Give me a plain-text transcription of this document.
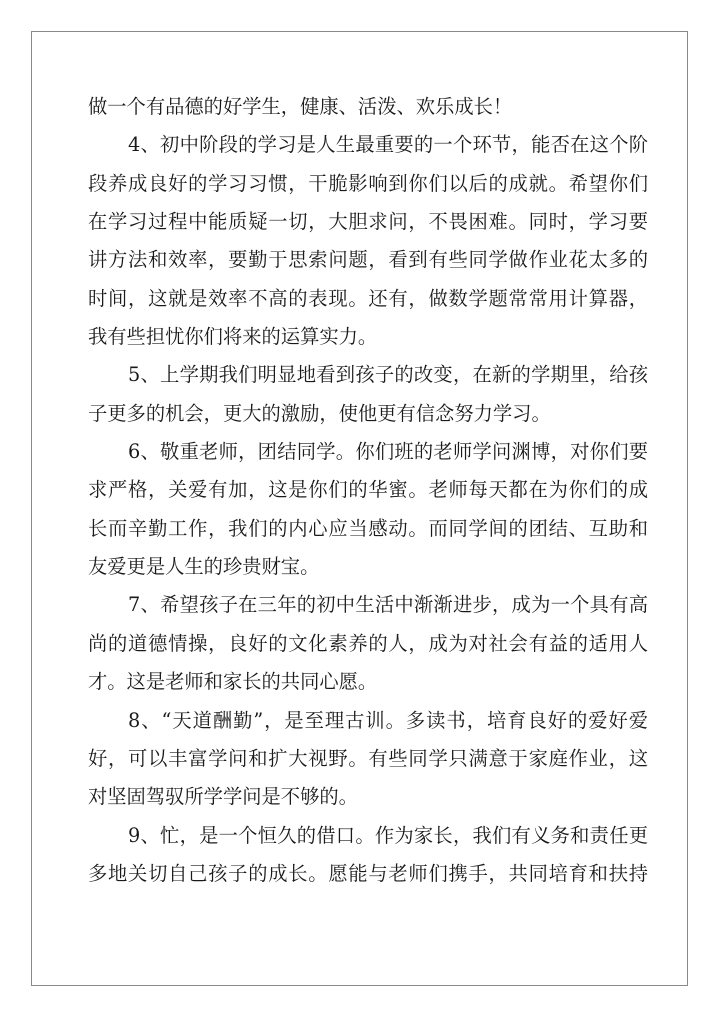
做一个有品德的好学生，健康、活泼、欢乐成长！
4、初中阶段的学习是人生最重要的一个环节，能否在这个阶
段养成良好的学习习惯，干脆影响到你们以后的成就。希望你们
在学习过程中能质疑一切，大胆求问，不畏困难。同时，学习要
讲方法和效率，要勤于思索问题，看到有些同学做作业花太多的
时间，这就是效率不高的表现。还有，做数学题常常用计算器，
我有些担忧你们将来的运算实力。
5、上学期我们明显地看到孩子的改变，在新的学期里，给孩
子更多的机会，更大的激励，使他更有信念努力学习。
6、敬重老师，团结同学。你们班的老师学问渊博，对你们要
求严格，关爱有加，这是你们的华蜜。老师每天都在为你们的成
长而辛勤工作，我们的内心应当感动。而同学间的团结、互助和
友爱更是人生的珍贵财宝。
7、希望孩子在三年的初中生活中渐渐进步，成为一个具有高
尚的道德情操，良好的文化素养的人，成为对社会有益的适用人
才。这是老师和家长的共同心愿。
8、“天道酬勤”，是至理古训。多读书，培育良好的爱好爱
好，可以丰富学问和扩大视野。有些同学只满意于家庭作业，这
对坚固驾驭所学学问是不够的。
9、忙，是一个恒久的借口。作为家长，我们有义务和责任更
多地关切自己孩子的成长。愿能与老师们携手，共同培育和扶持
